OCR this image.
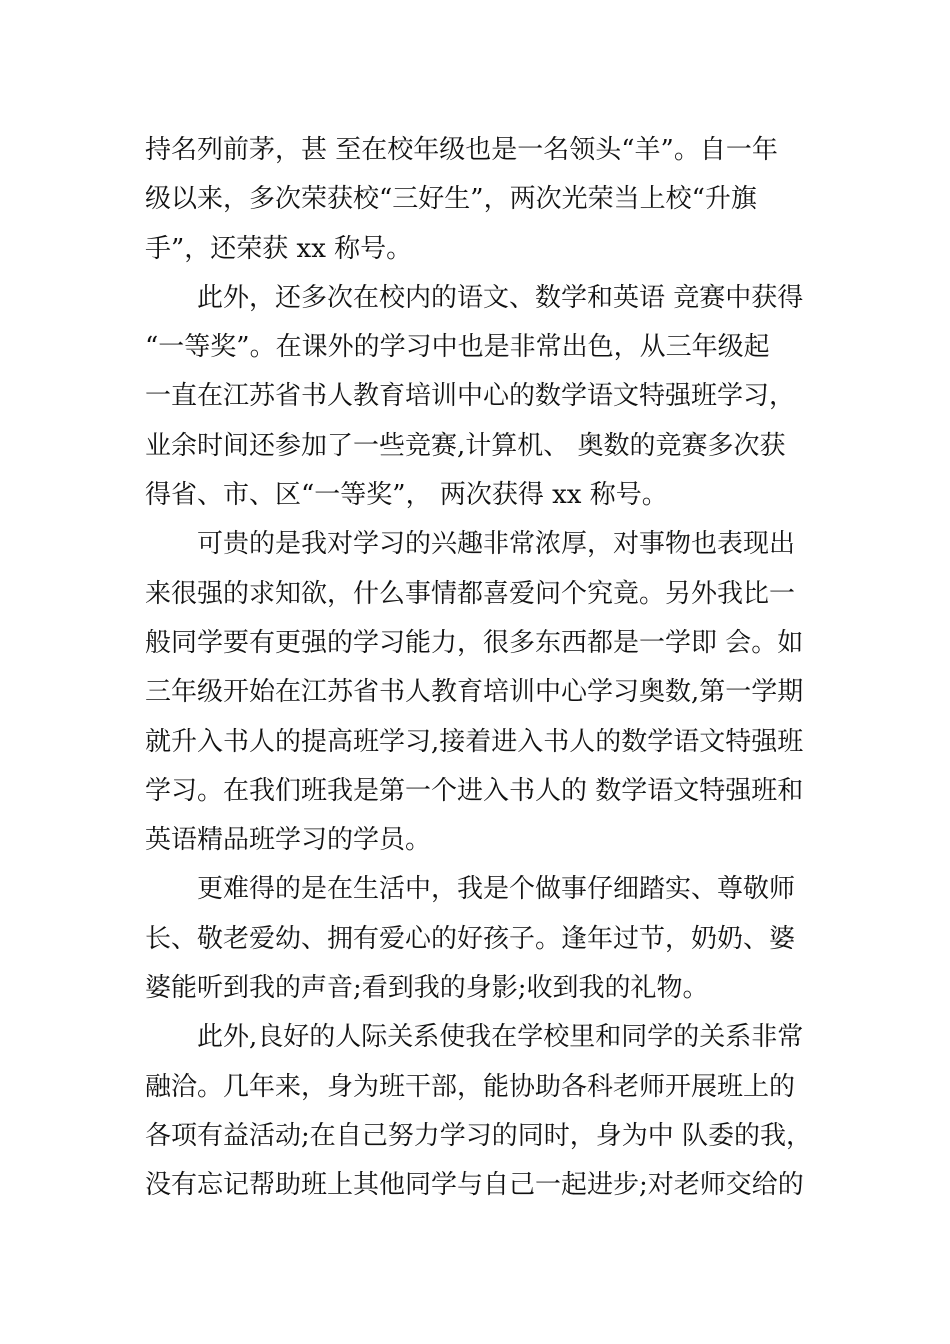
持名列前茅，甚 至在校年级也是一名领头“羊”。自一年
级以来，多次荣获校“三好生”，两次光荣当上校“升旗
手”，还荣获 xx 称号。
此外，还多次在校内的语文、数学和英语 竞赛中获得
“一等奖”。在课外的学习中也是非常出色，从三年级起
一直在江苏省书人教育培训中心的数学语文特强班学习，
业余时间还参加了一些竞赛,计算机、 奥数的竞赛多次获
得省、市、区“一等奖”， 两次获得 xx 称号。
可贵的是我对学习的兴趣非常浓厚，对事物也表现出
来很强的求知欲，什么事情都喜爱问个究竟。另外我比一
般同学要有更强的学习能力，很多东西都是一学即 会。如
三年级开始在江苏省书人教育培训中心学习奥数,第一学期
就升入书人的提高班学习,接着进入书人的数学语文特强班
学习。在我们班我是第一个进入书人的 数学语文特强班和
英语精品班学习的学员。
更难得的是在生活中，我是个做事仔细踏实、尊敬师
长、敬老爱幼、拥有爱心的好孩子。逢年过节，奶奶、婆
婆能听到我的声音;看到我的身影;收到我的礼物。
此外,良好的人际关系使我在学校里和同学的关系非常
融洽。几年来，身为班干部，能协助各科老师开展班上的
各项有益活动;在自己努力学习的同时，身为中 队委的我，
没有忘记帮助班上其他同学与自己一起进步;对老师交给的
